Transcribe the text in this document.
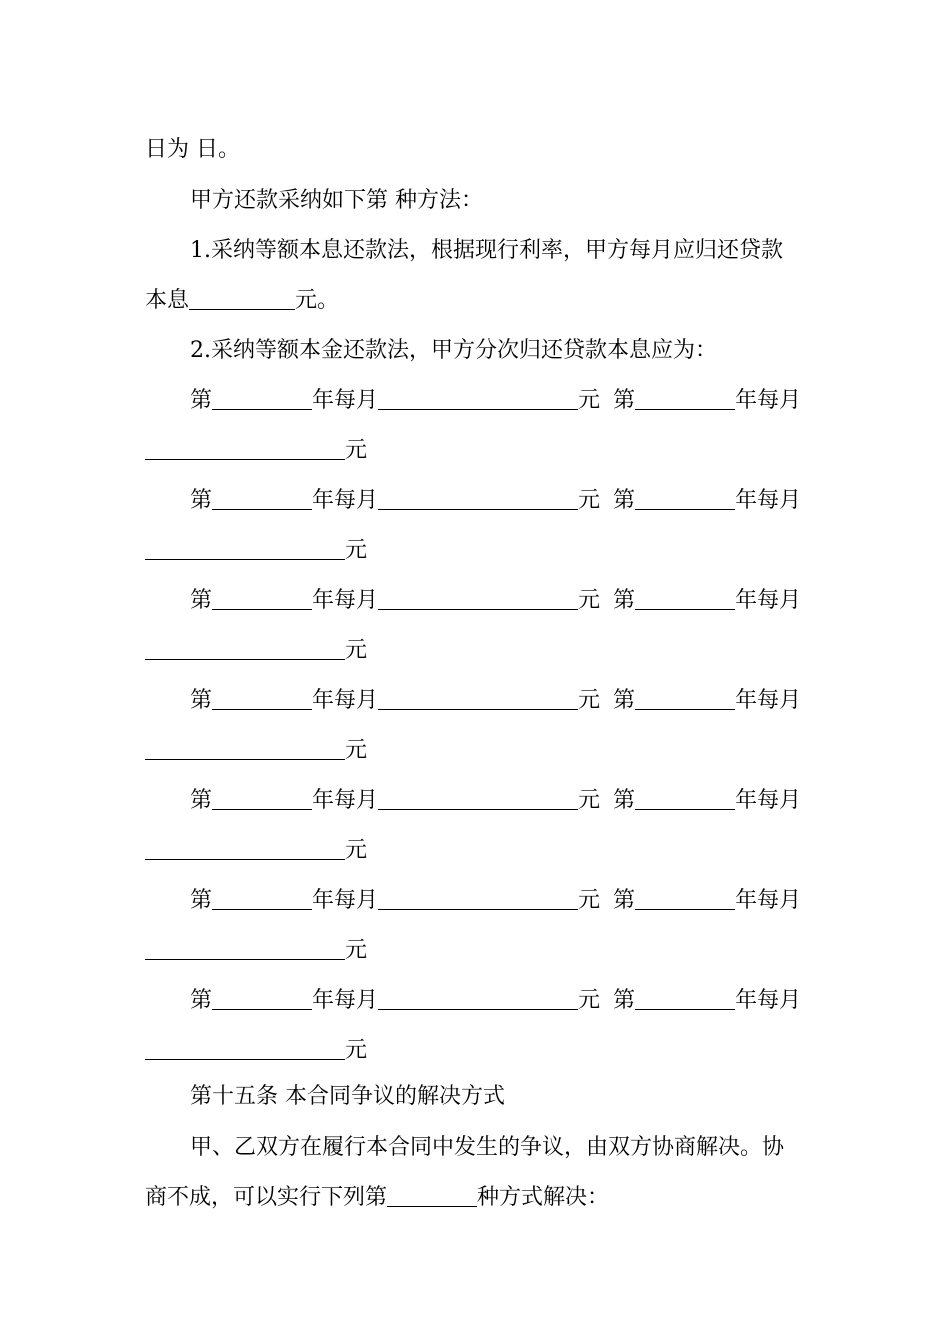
日为 日。
甲方还款采纳如下第 种方法：
1.采纳等额本息还款法，根据现行利率，甲方每月应归还贷款
本息	元。
2.采纳等额本金还款法，甲方分次归还贷款本息应为：
第	年每月	元 第	年每月
元
第	年每月	元 第	年每月
元
第	年每月	元 第	年每月
元
第	年每月	元 第	年每月
元
第	年每月	元 第	年每月
元
第	年每月	元 第	年每月
元
第	年每月	元 第	年每月
元
第十五条 本合同争议的解决方式
甲、乙双方在履行本合同中发生的争议，由双方协商解决。协
商不成，可以实行下列第	种方式解决：
